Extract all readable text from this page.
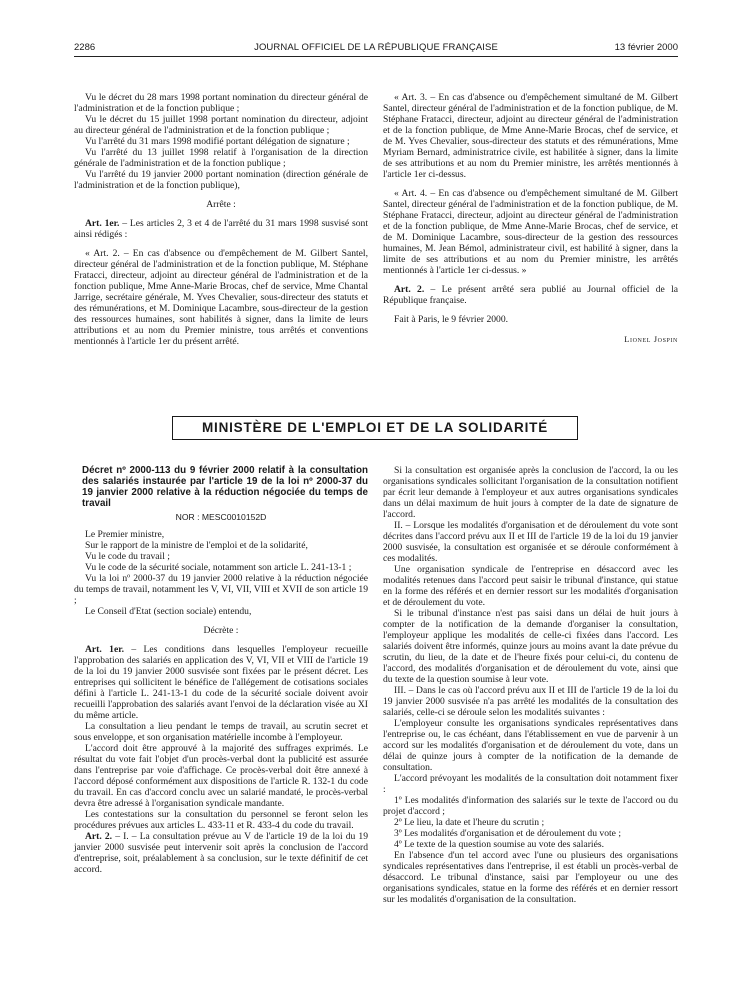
2286	JOURNAL OFFICIEL DE LA RÉPUBLIQUE FRANÇAISE	13 février 2000

Vu le décret du 28 mars 1998 portant nomination du directeur général de l'administration et de la fonction publique ;

Vu le décret du 15 juillet 1998 portant nomination du directeur, adjoint au directeur général de l'administration et de la fonction publique ;

Vu l'arrêté du 31 mars 1998 modifié portant délégation de signature ;

Vu l'arrêté du 13 juillet 1998 relatif à l'organisation de la direction générale de l'administration et de la fonction publique ;

Vu l'arrêté du 19 janvier 2000 portant nomination (direction générale de l'administration et de la fonction publique),

Arrête :

Art. 1er. – Les articles 2, 3 et 4 de l'arrêté du 31 mars 1998 susvisé sont ainsi rédigés :

« Art. 2. – En cas d'absence ou d'empêchement de M. Gilbert Santel, directeur général de l'administration et de la fonction publique, M. Stéphane Fratacci, directeur, adjoint au directeur général de l'administration et de la fonction publique, Mme Anne-Marie Brocas, chef de service, Mme Chantal Jarrige, secrétaire générale, M. Yves Chevalier, sous-directeur des statuts et des rémunérations, et M. Dominique Lacambre, sous-directeur de la gestion des ressources humaines, sont habilités à signer, dans la limite de leurs attributions et au nom du Premier ministre, tous arrêtés et conventions mentionnés à l'article 1er du présent arrêté.

« Art. 3. – En cas d'absence ou d'empêchement simultané de M. Gilbert Santel, directeur général de l'administration et de la fonction publique, de M. Stéphane Fratacci, directeur, adjoint au directeur général de l'administration et de la fonction publique, de Mme Anne-Marie Brocas, chef de service, et de M. Yves Chevalier, sous-directeur des statuts et des rémunérations, Mme Myriam Bernard, administratrice civile, est habilitée à signer, dans la limite de ses attributions et au nom du Premier ministre, les arrêtés mentionnés à l'article 1er ci-dessus.

« Art. 4. – En cas d'absence ou d'empêchement simultané de M. Gilbert Santel, directeur général de l'administration et de la fonction publique, de M. Stéphane Fratacci, directeur, adjoint au directeur général de l'administration et de la fonction publique, de Mme Anne-Marie Brocas, chef de service, et de M. Dominique Lacambre, sous-directeur de la gestion des ressources humaines, M. Jean Bémol, administrateur civil, est habilité à signer, dans la limite de ses attributions et au nom du Premier ministre, les arrêtés mentionnés à l'article 1er ci-dessus. »

Art. 2. – Le présent arrêté sera publié au Journal officiel de la République française.

Fait à Paris, le 9 février 2000.

Lionel Jospin

MINISTÈRE DE L'EMPLOI ET DE LA SOLIDARITÉ

Décret nº 2000-113 du 9 février 2000 relatif à la consultation des salariés instaurée par l'article 19 de la loi nº 2000-37 du 19 janvier 2000 relative à la réduction négociée du temps de travail

NOR : MESC0010152D

Le Premier ministre,

Sur le rapport de la ministre de l'emploi et de la solidarité,

Vu le code du travail ;

Vu le code de la sécurité sociale, notamment son article L. 241-13-1 ;

Vu la loi nº 2000-37 du 19 janvier 2000 relative à la réduction négociée du temps de travail, notamment les V, VI, VII, VIII et XVII de son article 19 ;

Le Conseil d'Etat (section sociale) entendu,

Décrète :

Art. 1er. – Les conditions dans lesquelles l'employeur recueille l'approbation des salariés en application des V, VI, VII et VIII de l'article 19 de la loi du 19 janvier 2000 susvisée sont fixées par le présent décret. Les entreprises qui sollicitent le bénéfice de l'allégement de cotisations sociales défini à l'article L. 241-13-1 du code de la sécurité sociale doivent avoir recueilli l'approbation des salariés avant l'envoi de la déclaration visée au XI du même article.

La consultation a lieu pendant le temps de travail, au scrutin secret et sous enveloppe, et son organisation matérielle incombe à l'employeur.

L'accord doit être approuvé à la majorité des suffrages exprimés. Le résultat du vote fait l'objet d'un procès-verbal dont la publicité est assurée dans l'entreprise par voie d'affichage. Ce procès-verbal doit être annexé à l'accord déposé conformément aux dispositions de l'article R. 132-1 du code du travail. En cas d'accord conclu avec un salarié mandaté, le procès-verbal devra être adressé à l'organisation syndicale mandante.

Les contestations sur la consultation du personnel se feront selon les procédures prévues aux articles L. 433-11 et R. 433-4 du code du travail.

Art. 2. – I. – La consultation prévue au V de l'article 19 de la loi du 19 janvier 2000 susvisée peut intervenir soit après la conclusion de l'accord d'entreprise, soit, préalablement à sa conclusion, sur le texte définitif de cet accord.

Si la consultation est organisée après la conclusion de l'accord, la ou les organisations syndicales sollicitant l'organisation de la consultation notifient par écrit leur demande à l'employeur et aux autres organisations syndicales dans un délai maximum de huit jours à compter de la date de signature de l'accord.

II. – Lorsque les modalités d'organisation et de déroulement du vote sont décrites dans l'accord prévu aux II et III de l'article 19 de la loi du 19 janvier 2000 susvisée, la consultation est organisée et se déroule conformément à ces modalités.

Une organisation syndicale de l'entreprise en désaccord avec les modalités retenues dans l'accord peut saisir le tribunal d'instance, qui statue en la forme des référés et en dernier ressort sur les modalités d'organisation et de déroulement du vote.

Si le tribunal d'instance n'est pas saisi dans un délai de huit jours à compter de la notification de la demande d'organiser la consultation, l'employeur applique les modalités de celle-ci fixées dans l'accord. Les salariés doivent être informés, quinze jours au moins avant la date prévue du scrutin, du lieu, de la date et de l'heure fixés pour celui-ci, du contenu de l'accord, des modalités d'organisation et de déroulement du vote, ainsi que du texte de la question soumise à leur vote.

III. – Dans le cas où l'accord prévu aux II et III de l'article 19 de la loi du 19 janvier 2000 susvisée n'a pas arrêté les modalités de la consultation des salariés, celle-ci se déroule selon les modalités suivantes :

L'employeur consulte les organisations syndicales représentatives dans l'entreprise ou, le cas échéant, dans l'établissement en vue de parvenir à un accord sur les modalités d'organisation et de déroulement du vote, dans un délai de quinze jours à compter de la notification de la demande de consultation.

L'accord prévoyant les modalités de la consultation doit notamment fixer :

1º Les modalités d'information des salariés sur le texte de l'accord ou du projet d'accord ;

2º Le lieu, la date et l'heure du scrutin ;

3º Les modalités d'organisation et de déroulement du vote ;

4º Le texte de la question soumise au vote des salariés.

En l'absence d'un tel accord avec l'une ou plusieurs des organisations syndicales représentatives dans l'entreprise, il est établi un procès-verbal de désaccord. Le tribunal d'instance, saisi par l'employeur ou une des organisations syndicales, statue en la forme des référés et en dernier ressort sur les modalités d'organisation de la consultation.
